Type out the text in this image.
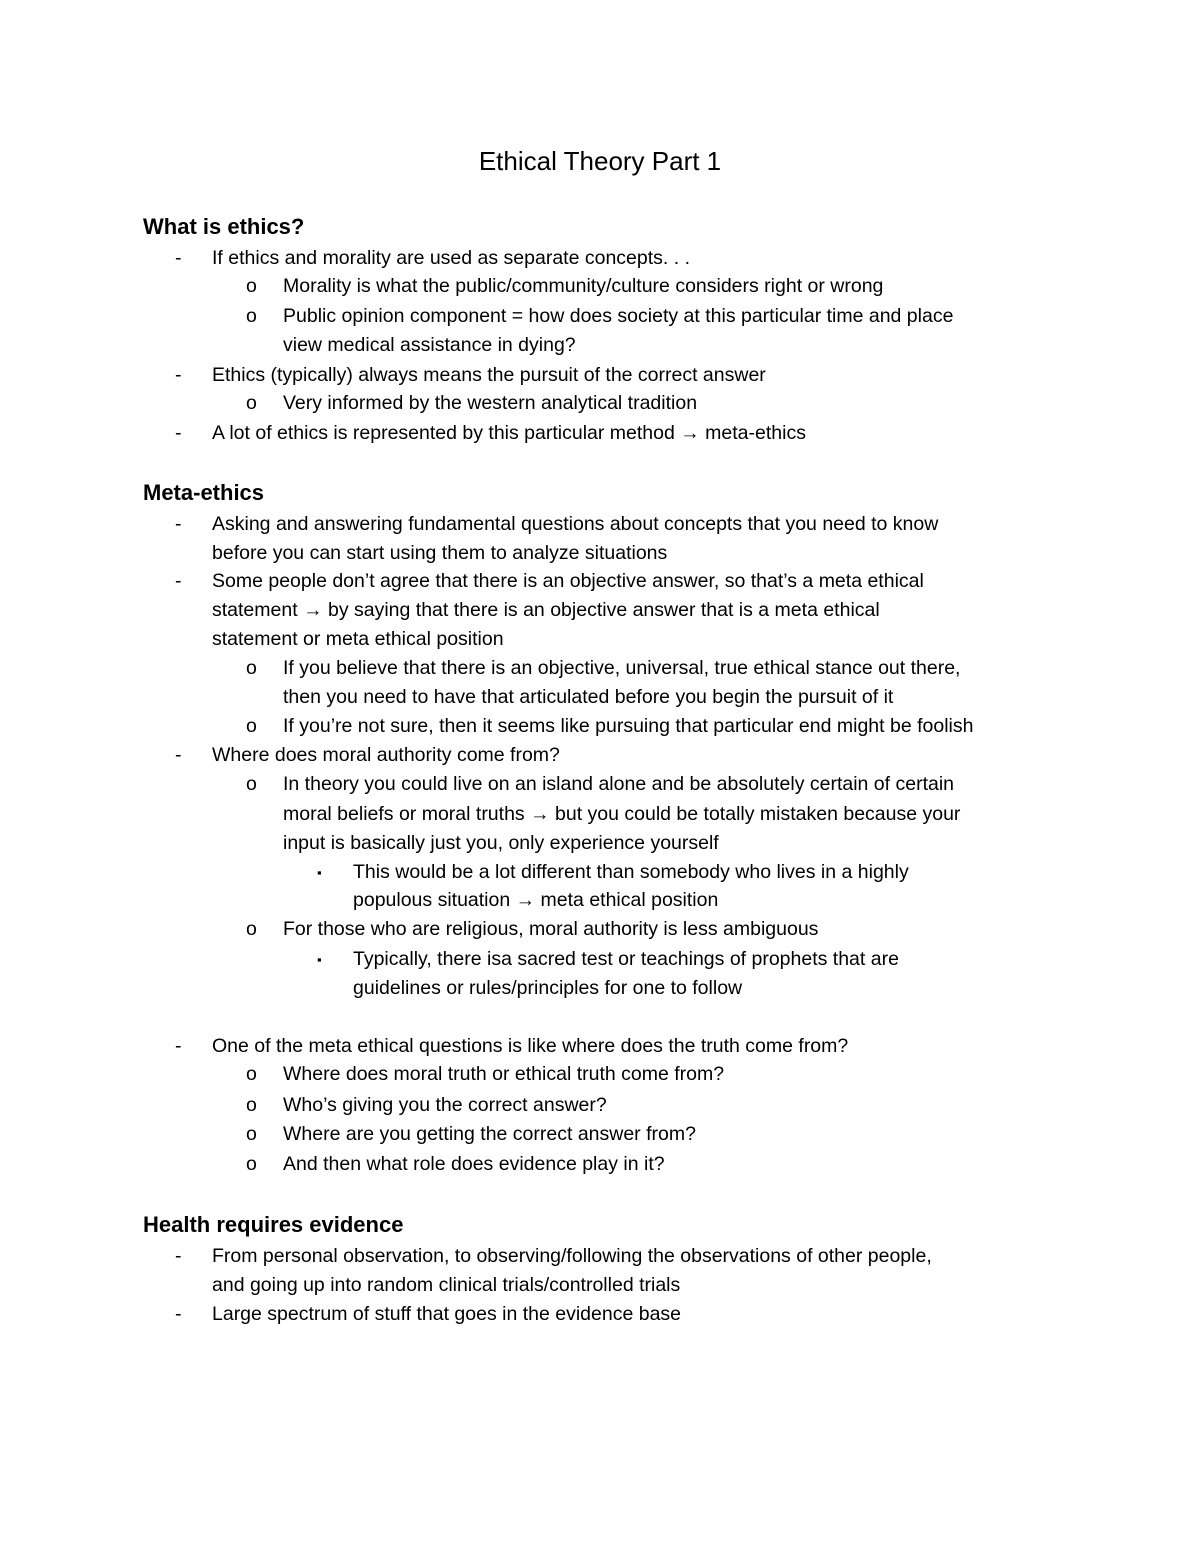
Ethical Theory Part 1
What is ethics?
- If ethics and morality are used as separate concepts. . .
o Morality is what the public/community/culture considers right or wrong
o Public opinion component = how does society at this particular time and place
view medical assistance in dying?
- Ethics (typically) always means the pursuit of the correct answer
o Very informed by the western analytical tradition
- A lot of ethics is represented by this particular method → meta-ethics
Meta-ethics
- Asking and answering fundamental questions about concepts that you need to know
before you can start using them to analyze situations
- Some people don’t agree that there is an objective answer, so that’s a meta ethical
statement → by saying that there is an objective answer that is a meta ethical
statement or meta ethical position
o If you believe that there is an objective, universal, true ethical stance out there,
then you need to have that articulated before you begin the pursuit of it
o If you’re not sure, then it seems like pursuing that particular end might be foolish
- Where does moral authority come from?
o In theory you could live on an island alone and be absolutely certain of certain
moral beliefs or moral truths → but you could be totally mistaken because your
input is basically just you, only experience yourself
▪ This would be a lot different than somebody who lives in a highly
populous situation → meta ethical position
o For those who are religious, moral authority is less ambiguous
▪ Typically, there isa sacred test or teachings of prophets that are
guidelines or rules/principles for one to follow
- One of the meta ethical questions is like where does the truth come from?
o Where does moral truth or ethical truth come from?
o Who’s giving you the correct answer?
o Where are you getting the correct answer from?
o And then what role does evidence play in it?
Health requires evidence
- From personal observation, to observing/following the observations of other people,
and going up into random clinical trials/controlled trials
- Large spectrum of stuff that goes in the evidence base
